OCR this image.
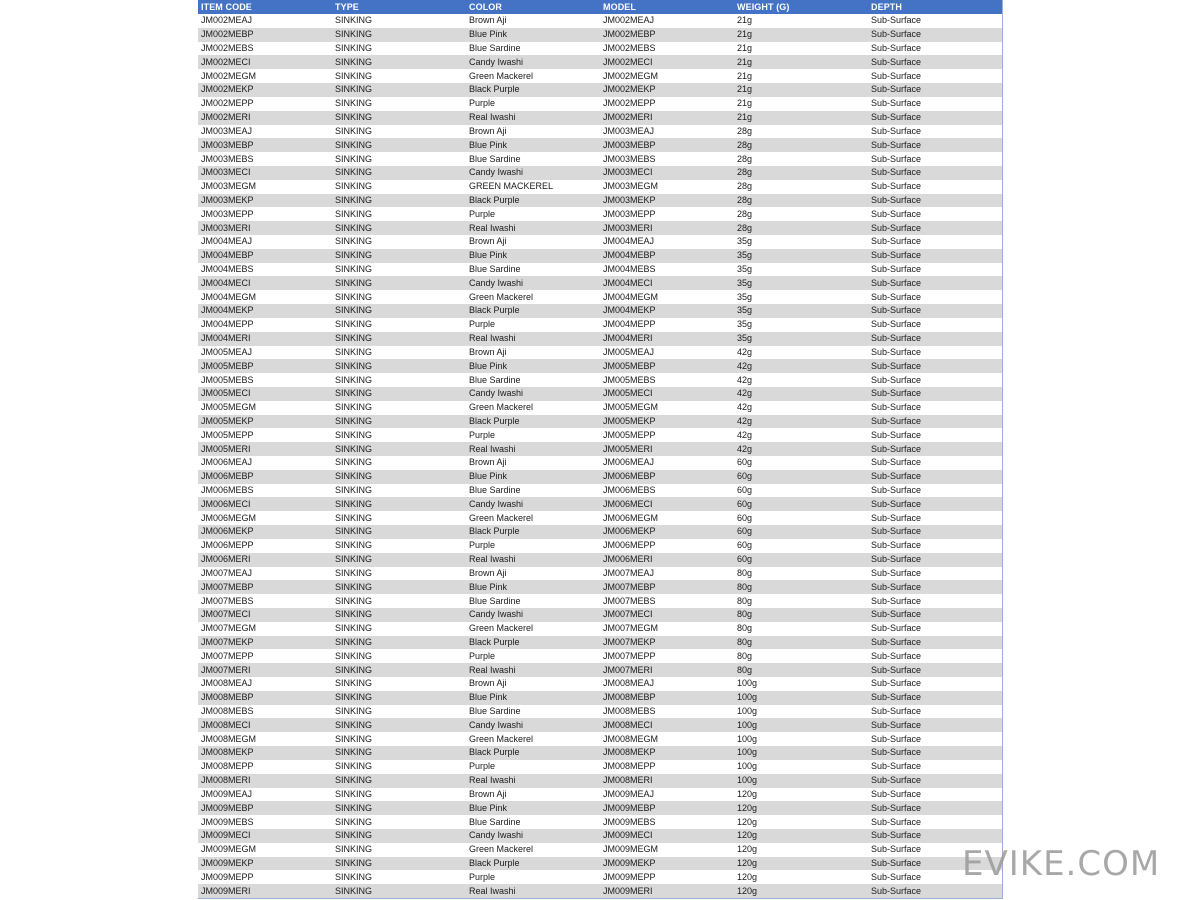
ITEM CODE	TYPE	COLOR	MODEL	WEIGHT (G)	DEPTH
JM002MEAJ	SINKING	Brown Aji	JM002MEAJ	21g	Sub-Surface
JM002MEBP	SINKING	Blue Pink	JM002MEBP	21g	Sub-Surface
JM002MEBS	SINKING	Blue Sardine	JM002MEBS	21g	Sub-Surface
JM002MECI	SINKING	Candy Iwashi	JM002MECI	21g	Sub-Surface
JM002MEGM	SINKING	Green Mackerel	JM002MEGM	21g	Sub-Surface
JM002MEKP	SINKING	Black Purple	JM002MEKP	21g	Sub-Surface
JM002MEPP	SINKING	Purple	JM002MEPP	21g	Sub-Surface
JM002MERI	SINKING	Real Iwashi	JM002MERI	21g	Sub-Surface
JM003MEAJ	SINKING	Brown Aji	JM003MEAJ	28g	Sub-Surface
JM003MEBP	SINKING	Blue Pink	JM003MEBP	28g	Sub-Surface
JM003MEBS	SINKING	Blue Sardine	JM003MEBS	28g	Sub-Surface
JM003MECI	SINKING	Candy Iwashi	JM003MECI	28g	Sub-Surface
JM003MEGM	SINKING	GREEN MACKEREL	JM003MEGM	28g	Sub-Surface
JM003MEKP	SINKING	Black Purple	JM003MEKP	28g	Sub-Surface
JM003MEPP	SINKING	Purple	JM003MEPP	28g	Sub-Surface
JM003MERI	SINKING	Real Iwashi	JM003MERI	28g	Sub-Surface
JM004MEAJ	SINKING	Brown Aji	JM004MEAJ	35g	Sub-Surface
JM004MEBP	SINKING	Blue Pink	JM004MEBP	35g	Sub-Surface
JM004MEBS	SINKING	Blue Sardine	JM004MEBS	35g	Sub-Surface
JM004MECI	SINKING	Candy Iwashi	JM004MECI	35g	Sub-Surface
JM004MEGM	SINKING	Green Mackerel	JM004MEGM	35g	Sub-Surface
JM004MEKP	SINKING	Black Purple	JM004MEKP	35g	Sub-Surface
JM004MEPP	SINKING	Purple	JM004MEPP	35g	Sub-Surface
JM004MERI	SINKING	Real Iwashi	JM004MERI	35g	Sub-Surface
JM005MEAJ	SINKING	Brown Aji	JM005MEAJ	42g	Sub-Surface
JM005MEBP	SINKING	Blue Pink	JM005MEBP	42g	Sub-Surface
JM005MEBS	SINKING	Blue Sardine	JM005MEBS	42g	Sub-Surface
JM005MECI	SINKING	Candy Iwashi	JM005MECI	42g	Sub-Surface
JM005MEGM	SINKING	Green Mackerel	JM005MEGM	42g	Sub-Surface
JM005MEKP	SINKING	Black Purple	JM005MEKP	42g	Sub-Surface
JM005MEPP	SINKING	Purple	JM005MEPP	42g	Sub-Surface
JM005MERI	SINKING	Real Iwashi	JM005MERI	42g	Sub-Surface
JM006MEAJ	SINKING	Brown Aji	JM006MEAJ	60g	Sub-Surface
JM006MEBP	SINKING	Blue Pink	JM006MEBP	60g	Sub-Surface
JM006MEBS	SINKING	Blue Sardine	JM006MEBS	60g	Sub-Surface
JM006MECI	SINKING	Candy Iwashi	JM006MECI	60g	Sub-Surface
JM006MEGM	SINKING	Green Mackerel	JM006MEGM	60g	Sub-Surface
JM006MEKP	SINKING	Black Purple	JM006MEKP	60g	Sub-Surface
JM006MEPP	SINKING	Purple	JM006MEPP	60g	Sub-Surface
JM006MERI	SINKING	Real Iwashi	JM006MERI	60g	Sub-Surface
JM007MEAJ	SINKING	Brown Aji	JM007MEAJ	80g	Sub-Surface
JM007MEBP	SINKING	Blue Pink	JM007MEBP	80g	Sub-Surface
JM007MEBS	SINKING	Blue Sardine	JM007MEBS	80g	Sub-Surface
JM007MECI	SINKING	Candy Iwashi	JM007MECI	80g	Sub-Surface
JM007MEGM	SINKING	Green Mackerel	JM007MEGM	80g	Sub-Surface
JM007MEKP	SINKING	Black Purple	JM007MEKP	80g	Sub-Surface
JM007MEPP	SINKING	Purple	JM007MEPP	80g	Sub-Surface
JM007MERI	SINKING	Real Iwashi	JM007MERI	80g	Sub-Surface
JM008MEAJ	SINKING	Brown Aji	JM008MEAJ	100g	Sub-Surface
JM008MEBP	SINKING	Blue Pink	JM008MEBP	100g	Sub-Surface
JM008MEBS	SINKING	Blue Sardine	JM008MEBS	100g	Sub-Surface
JM008MECI	SINKING	Candy Iwashi	JM008MECI	100g	Sub-Surface
JM008MEGM	SINKING	Green Mackerel	JM008MEGM	100g	Sub-Surface
JM008MEKP	SINKING	Black Purple	JM008MEKP	100g	Sub-Surface
JM008MEPP	SINKING	Purple	JM008MEPP	100g	Sub-Surface
JM008MERI	SINKING	Real Iwashi	JM008MERI	100g	Sub-Surface
JM009MEAJ	SINKING	Brown Aji	JM009MEAJ	120g	Sub-Surface
JM009MEBP	SINKING	Blue Pink	JM009MEBP	120g	Sub-Surface
JM009MEBS	SINKING	Blue Sardine	JM009MEBS	120g	Sub-Surface
JM009MECI	SINKING	Candy Iwashi	JM009MECI	120g	Sub-Surface
JM009MEGM	SINKING	Green Mackerel	JM009MEGM	120g	Sub-Surface
JM009MEKP	SINKING	Black Purple	JM009MEKP	120g	Sub-Surface
JM009MEPP	SINKING	Purple	JM009MEPP	120g	Sub-Surface
JM009MERI	SINKING	Real Iwashi	JM009MERI	120g	Sub-Surface
EVIKE.COM
